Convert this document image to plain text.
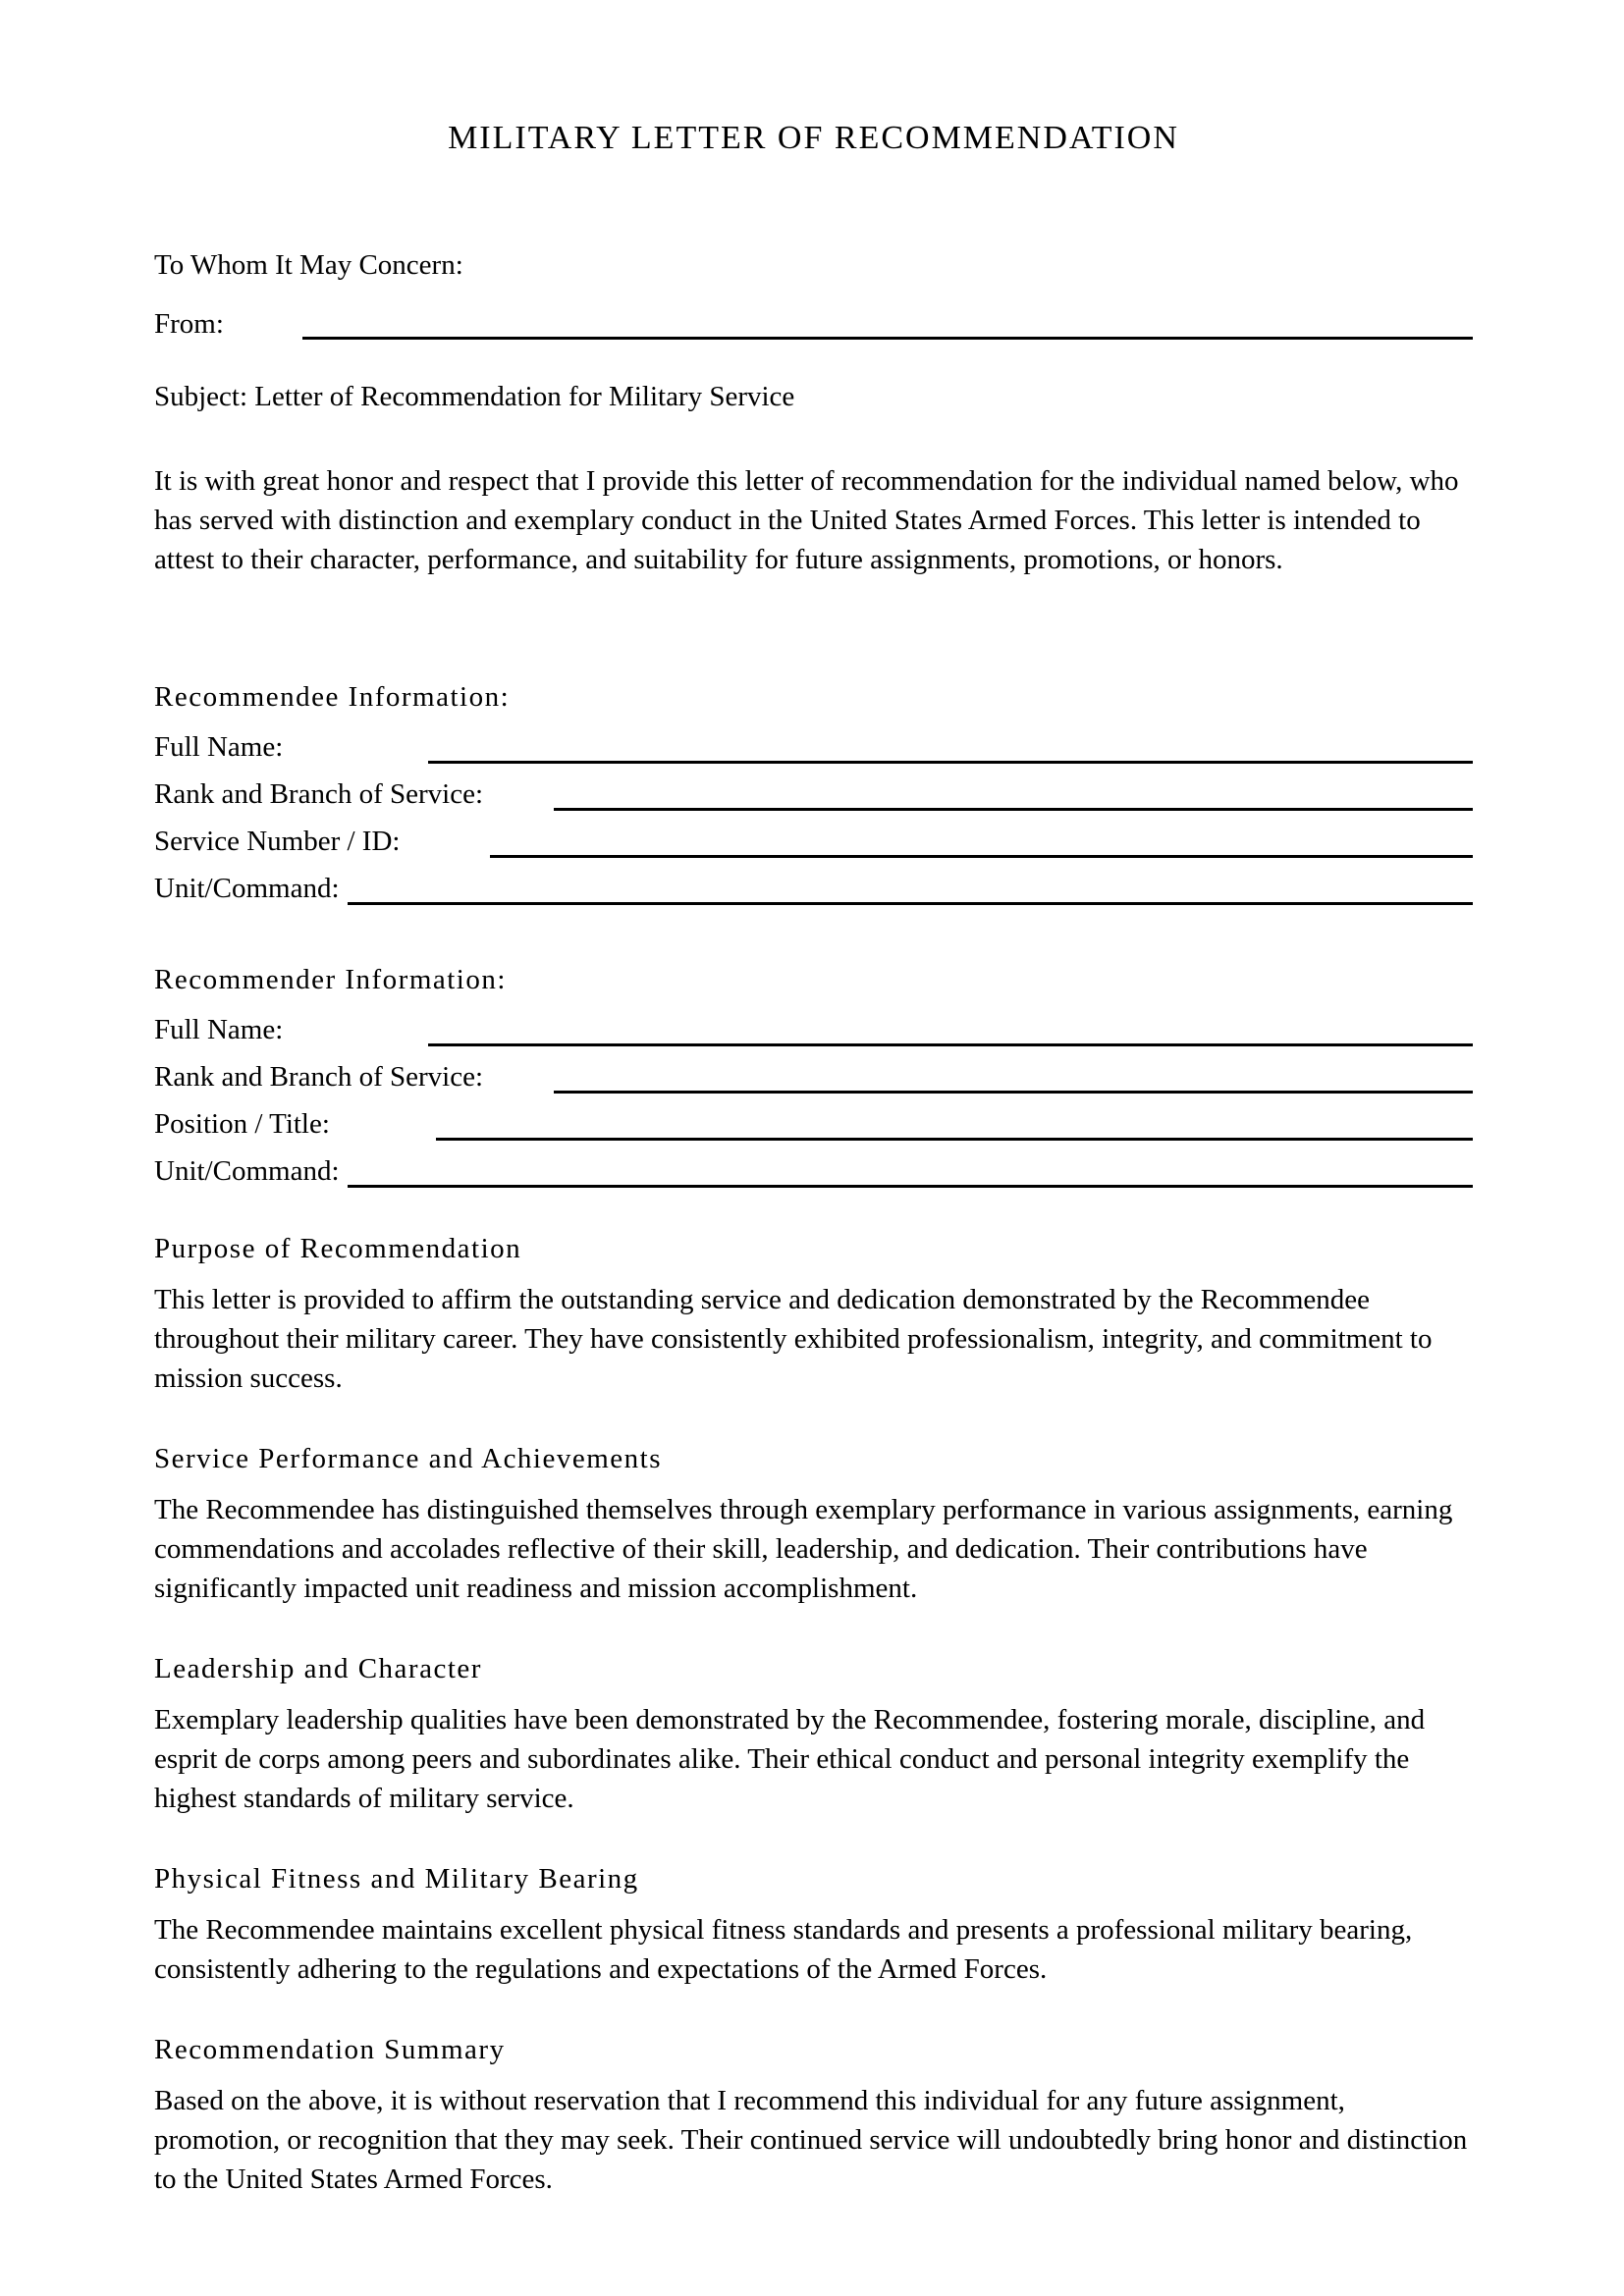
MILITARY LETTER OF RECOMMENDATION
To Whom It May Concern:
From:
Subject: Letter of Recommendation for Military Service

It is with great honor and respect that I provide this letter of recommendation for the individual named below, who has served with distinction and exemplary conduct in the United States Armed Forces. This letter is intended to attest to their character, performance, and suitability for future assignments, promotions, or honors.

Recommendee Information:
Full Name:
Rank and Branch of Service:
Service Number / ID:
Unit/Command:
Recommender Information:
Full Name:
Rank and Branch of Service:
Position / Title:
Unit/Command:
Purpose of Recommendation

This letter is provided to affirm the outstanding service and dedication demonstrated by the Recommendee throughout their military career. They have consistently exhibited professionalism, integrity, and commitment to mission success.

Service Performance and Achievements

The Recommendee has distinguished themselves through exemplary performance in various assignments, earning commendations and accolades reflective of their skill, leadership, and dedication. Their contributions have significantly impacted unit readiness and mission accomplishment.

Leadership and Character

Exemplary leadership qualities have been demonstrated by the Recommendee, fostering morale, discipline, and esprit de corps among peers and subordinates alike. Their ethical conduct and personal integrity exemplify the highest standards of military service.

Physical Fitness and Military Bearing

The Recommendee maintains excellent physical fitness standards and presents a professional military bearing, consistently adhering to the regulations and expectations of the Armed Forces.

Recommendation Summary

Based on the above, it is without reservation that I recommend this individual for any future assignment, promotion, or recognition that they may seek. Their continued service will undoubtedly bring honor and distinction to the United States Armed Forces.
